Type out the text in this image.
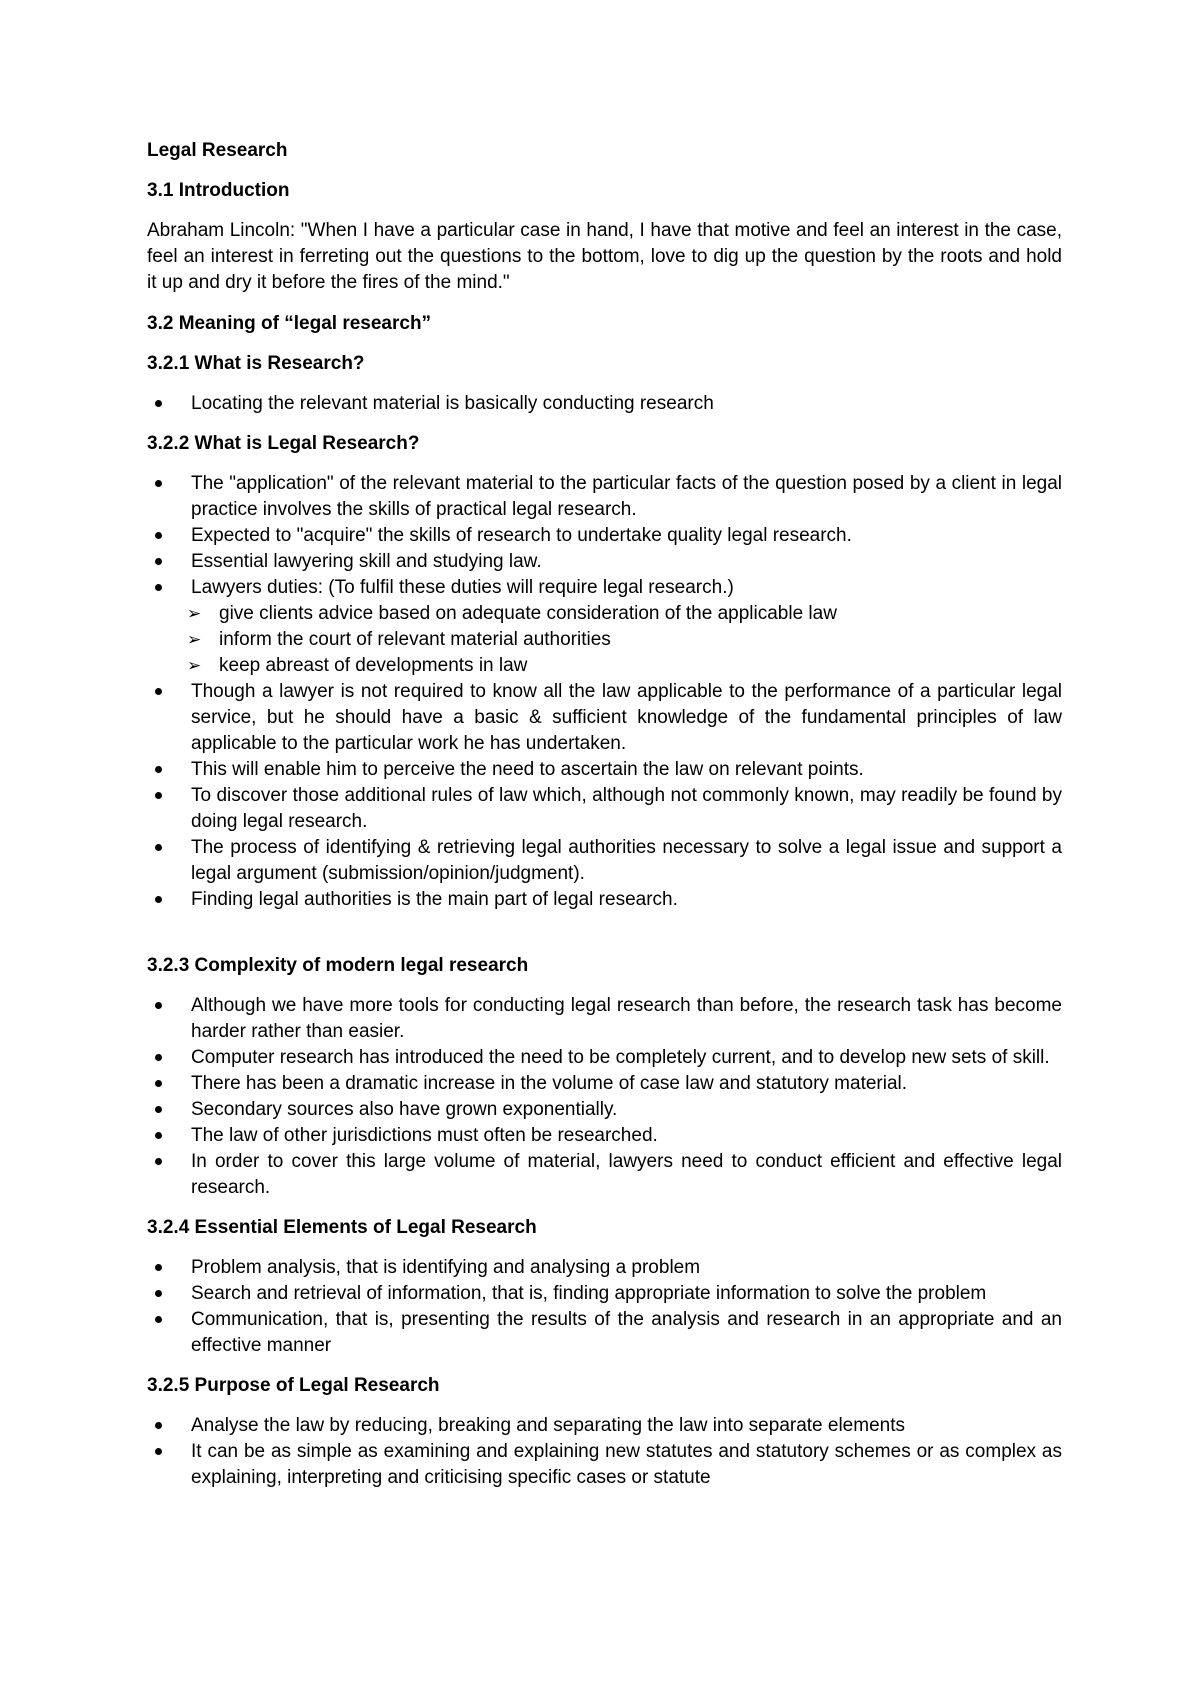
Legal Research
3.1 Introduction
Abraham Lincoln: "When I have a particular case in hand, I have that motive and feel an interest in the case, feel an interest in ferreting out the questions to the bottom, love to dig up the question by the roots and hold it up and dry it before the fires of the mind."
3.2 Meaning of “legal research”
3.2.1 What is Research?
Locating the relevant material is basically conducting research
3.2.2 What is Legal Research?
The "application" of the relevant material to the particular facts of the question posed by a client in legal practice involves the skills of practical legal research.
Expected to "acquire" the skills of research to undertake quality legal research.
Essential lawyering skill and studying law.
Lawyers duties: (To fulfil these duties will require legal research.)
➢ give clients advice based on adequate consideration of the applicable law
➢ inform the court of relevant material authorities
➢ keep abreast of developments in law
Though a lawyer is not required to know all the law applicable to the performance of a particular legal service, but he should have a basic & sufficient knowledge of the fundamental principles of law applicable to the particular work he has undertaken.
This will enable him to perceive the need to ascertain the law on relevant points.
To discover those additional rules of law which, although not commonly known, may readily be found by doing legal research.
The process of identifying & retrieving legal authorities necessary to solve a legal issue and support a legal argument (submission/opinion/judgment).
Finding legal authorities is the main part of legal research.
3.2.3 Complexity of modern legal research
Although we have more tools for conducting legal research than before, the research task has become harder rather than easier.
Computer research has introduced the need to be completely current, and to develop new sets of skill.
There has been a dramatic increase in the volume of case law and statutory material.
Secondary sources also have grown exponentially.
The law of other jurisdictions must often be researched.
In order to cover this large volume of material, lawyers need to conduct efficient and effective legal research.
3.2.4 Essential Elements of Legal Research
Problem analysis, that is identifying and analysing a problem
Search and retrieval of information, that is, finding appropriate information to solve the problem
Communication, that is, presenting the results of the analysis and research in an appropriate and an effective manner
3.2.5 Purpose of Legal Research
Analyse the law by reducing, breaking and separating the law into separate elements
It can be as simple as examining and explaining new statutes and statutory schemes or as complex as explaining, interpreting and criticising specific cases or statute
